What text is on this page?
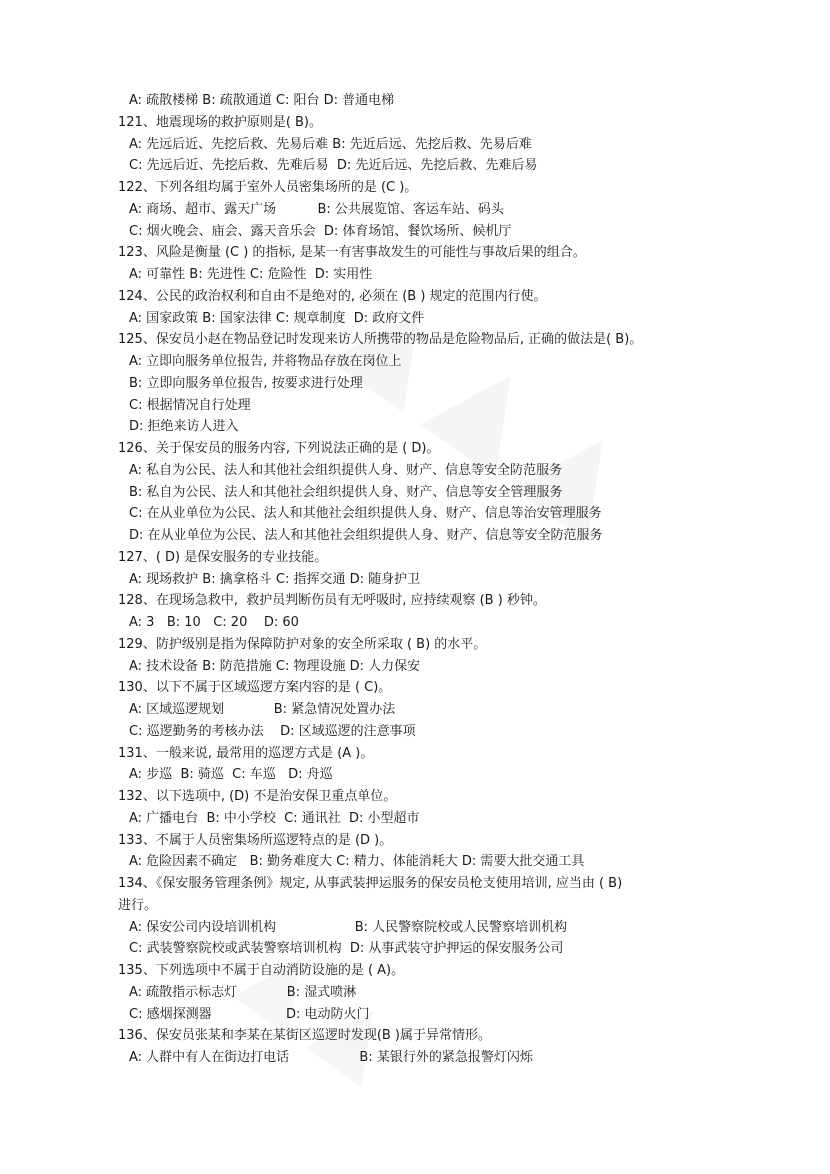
A: 疏散楼梯 B: 疏散通道 C: 阳台 D: 普通电梯
121、地震现场的救护原则是( B)。
A: 先远后近、先挖后救、先易后难 B: 先近后远、先挖后救、先易后难
C: 先远后近、先挖后救、先难后易  D: 先近后远、先挖后救、先难后易
122、下列各组均属于室外人员密集场所的是 (C )。
A: 商场、超市、露天广场          B: 公共展览馆、客运车站、码头
C: 烟火晚会、庙会、露天音乐会  D: 体育场馆、餐饮场所、候机厅
123、风险是衡量 (C ) 的指标, 是某一有害事故发生的可能性与事故后果的组合。
A: 可靠性 B: 先进性 C: 危险性  D: 实用性
124、公民的政治权利和自由不是绝对的, 必须在 (B ) 规定的范围内行使。
A: 国家政策 B: 国家法律 C: 规章制度  D: 政府文件
125、保安员小赵在物品登记时发现来访人所携带的物品是危险物品后, 正确的做法是( B)。
A: 立即向服务单位报告, 并将物品存放在岗位上
B: 立即向服务单位报告, 按要求进行处理
C: 根据情况自行处理
D: 拒绝来访人进入
126、关于保安员的服务内容, 下列说法正确的是 ( D)。
A: 私自为公民、法人和其他社会组织提供人身、财产、信息等安全防范服务
B: 私自为公民、法人和其他社会组织提供人身、财产、信息等安全管理服务
C: 在从业单位为公民、法人和其他社会组织提供人身、财产、信息等治安管理服务
D: 在从业单位为公民、法人和其他社会组织提供人身、财产、信息等安全防范服务
127、( D) 是保安服务的专业技能。
A: 现场救护 B: 擒拿格斗 C: 指挥交通 D: 随身护卫
128、在现场急救中,  救护员判断伤员有无呼吸时, 应持续观察 (B ) 秒钟。
A: 3   B: 10   C: 20    D: 60
129、防护级别是指为保障防护对象的安全所采取 ( B) 的水平。
A: 技术设备 B: 防范措施 C: 物理设施 D: 人力保安
130、以下不属于区域巡逻方案内容的是 ( C)。
A: 区域巡逻规划            B: 紧急情况处置办法
C: 巡逻勤务的考核办法    D: 区域巡逻的注意事项
131、一般来说, 最常用的巡逻方式是 (A )。
A: 步巡  B: 骑巡  C: 车巡   D: 舟巡
132、以下选项中, (D) 不是治安保卫重点单位。
A: 广播电台  B: 中小学校  C: 通讯社  D: 小型超市
133、不属于人员密集场所巡逻特点的是 (D )。
A: 危险因素不确定   B: 勤务难度大 C: 精力、体能消耗大 D: 需要大批交通工具
134、《保安服务管理条例》规定, 从事武装押运服务的保安员枪支使用培训, 应当由 ( B)
进行。
A: 保安公司内设培训机构                   B: 人民警察院校或人民警察培训机构
C: 武装警察院校或武装警察培训机构  D: 从事武装守护押运的保安服务公司
135、下列选项中不属于自动消防设施的是 ( A)。
A: 疏散指示标志灯            B: 湿式喷淋
C: 感烟探测器                  D: 电动防火门
136、保安员张某和李某在某街区巡逻时发现(B )属于异常情形。
A: 人群中有人在街边打电话                 B: 某银行外的紧急报警灯闪烁
